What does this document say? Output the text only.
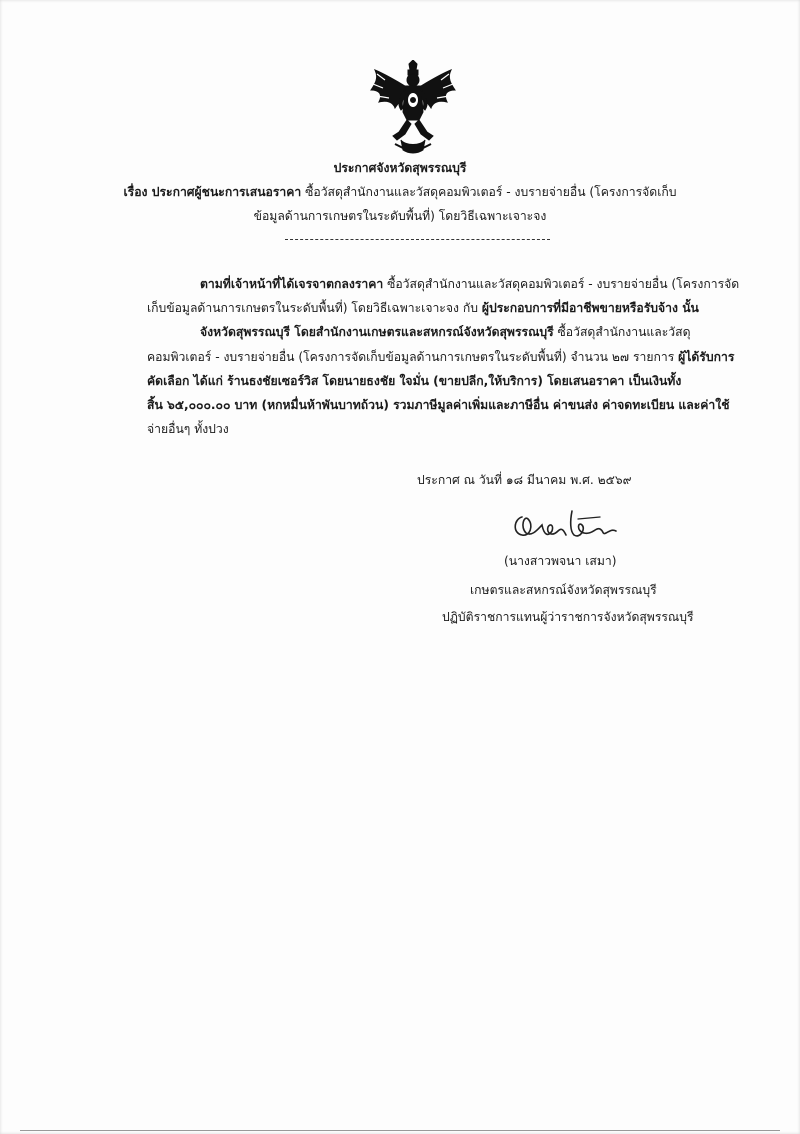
ประกาศจังหวัดสุพรรณบุรี
เรื่อง ประกาศผู้ชนะการเสนอราคา ซื้อวัสดุสำนักงานและวัสดุคอมพิวเตอร์ - งบรายจ่ายอื่น (โครงการจัดเก็บ
ข้อมูลด้านการเกษตรในระดับพื้นที่) โดยวิธีเฉพาะเจาะจง
ตามที่เจ้าหน้าที่ได้เจรจาตกลงราคา ซื้อวัสดุสำนักงานและวัสดุคอมพิวเตอร์ - งบรายจ่ายอื่น (โครงการจัด
เก็บข้อมูลด้านการเกษตรในระดับพื้นที่) โดยวิธีเฉพาะเจาะจง กับ ผู้ประกอบการที่มีอาชีพขายหรือรับจ้าง นั้น
จังหวัดสุพรรณบุรี โดยสำนักงานเกษตรและสหกรณ์จังหวัดสุพรรณบุรี ซื้อวัสดุสำนักงานและวัสดุ
คอมพิวเตอร์ - งบรายจ่ายอื่น (โครงการจัดเก็บข้อมูลด้านการเกษตรในระดับพื้นที่) จำนวน ๒๗ รายการ ผู้ได้รับการ
คัดเลือก ได้แก่ ร้านธงชัยเซอร์วิส โดยนายธงชัย ใจมั่น (ขายปลีก,ให้บริการ) โดยเสนอราคา เป็นเงินทั้ง
สิ้น ๖๕,๐๐๐.๐๐ บาท (หกหมื่นห้าพันบาทถ้วน) รวมภาษีมูลค่าเพิ่มและภาษีอื่น ค่าขนส่ง ค่าจดทะเบียน และค่าใช้
จ่ายอื่นๆ ทั้งปวง
ประกาศ ณ วันที่ ๑๘ มีนาคม พ.ศ. ๒๕๖๙
(นางสาวพจนา เสมา)
เกษตรและสหกรณ์จังหวัดสุพรรณบุรี
ปฏิบัติราชการแทนผู้ว่าราชการจังหวัดสุพรรณบุรี
